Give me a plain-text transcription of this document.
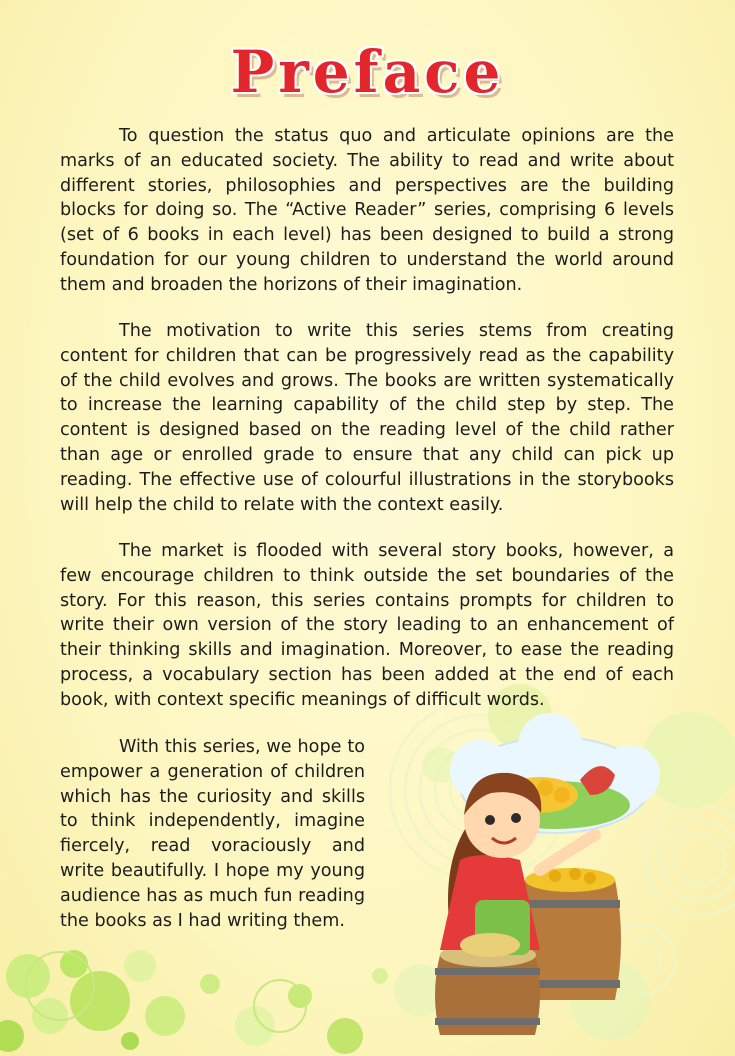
Preface

To question the status quo and articulate opinions are the marks of an educated society. The ability to read and write about different stories, philosophies and perspectives are the building blocks for doing so. The “Active Reader” series, comprising 6 levels (set of 6 books in each level) has been designed to build a strong foundation for our young children to understand the world around them and broaden the horizons of their imagination.

The motivation to write this series stems from creating content for children that can be progressively read as the capability of the child evolves and grows. The books are written systematically to increase the learning capability of the child step by step. The content is designed based on the reading level of the child rather than age or enrolled grade to ensure that any child can pick up reading. The effective use of colourful illustrations in the storybooks will help the child to relate with the context easily.

The market is flooded with several story books, however, a few encourage children to think outside the set boundaries of the story. For this reason, this series contains prompts for children to write their own version of the story leading to an enhancement of their thinking skills and imagination. Moreover, to ease the reading process, a vocabulary section has been added at the end of each book, with context specific meanings of difficult words.

With this series, we hope to empower a generation of children which has the curiosity and skills to think independently, imagine fiercely, read voraciously and write beautifully. I hope my young audience has as much fun reading the books as I had writing them.
